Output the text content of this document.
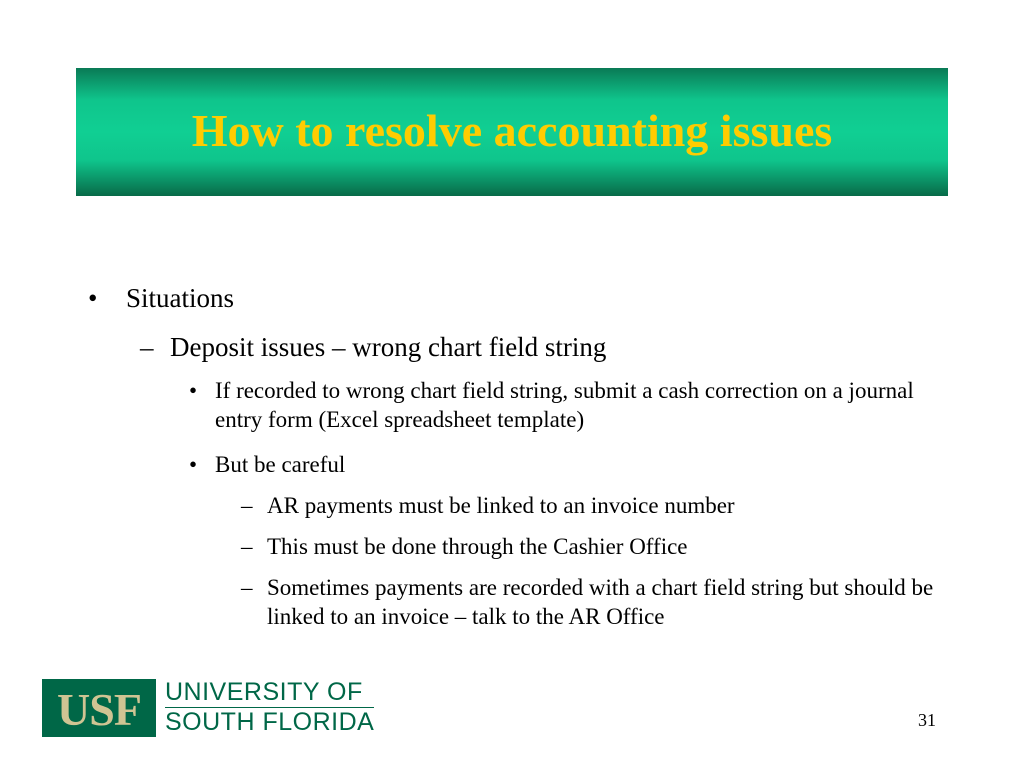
How to resolve accounting issues
•	Situations
– Deposit issues – wrong chart field string
• If recorded to wrong chart field string, submit a cash correction on a journal entry form (Excel spreadsheet template)
• But be careful
– AR payments must be linked to an invoice number
– This must be done through the Cashier Office
– Sometimes payments are recorded with a chart field string but should be linked to an invoice – talk to the AR Office
USF UNIVERSITY OF
SOUTH FLORIDA	31
